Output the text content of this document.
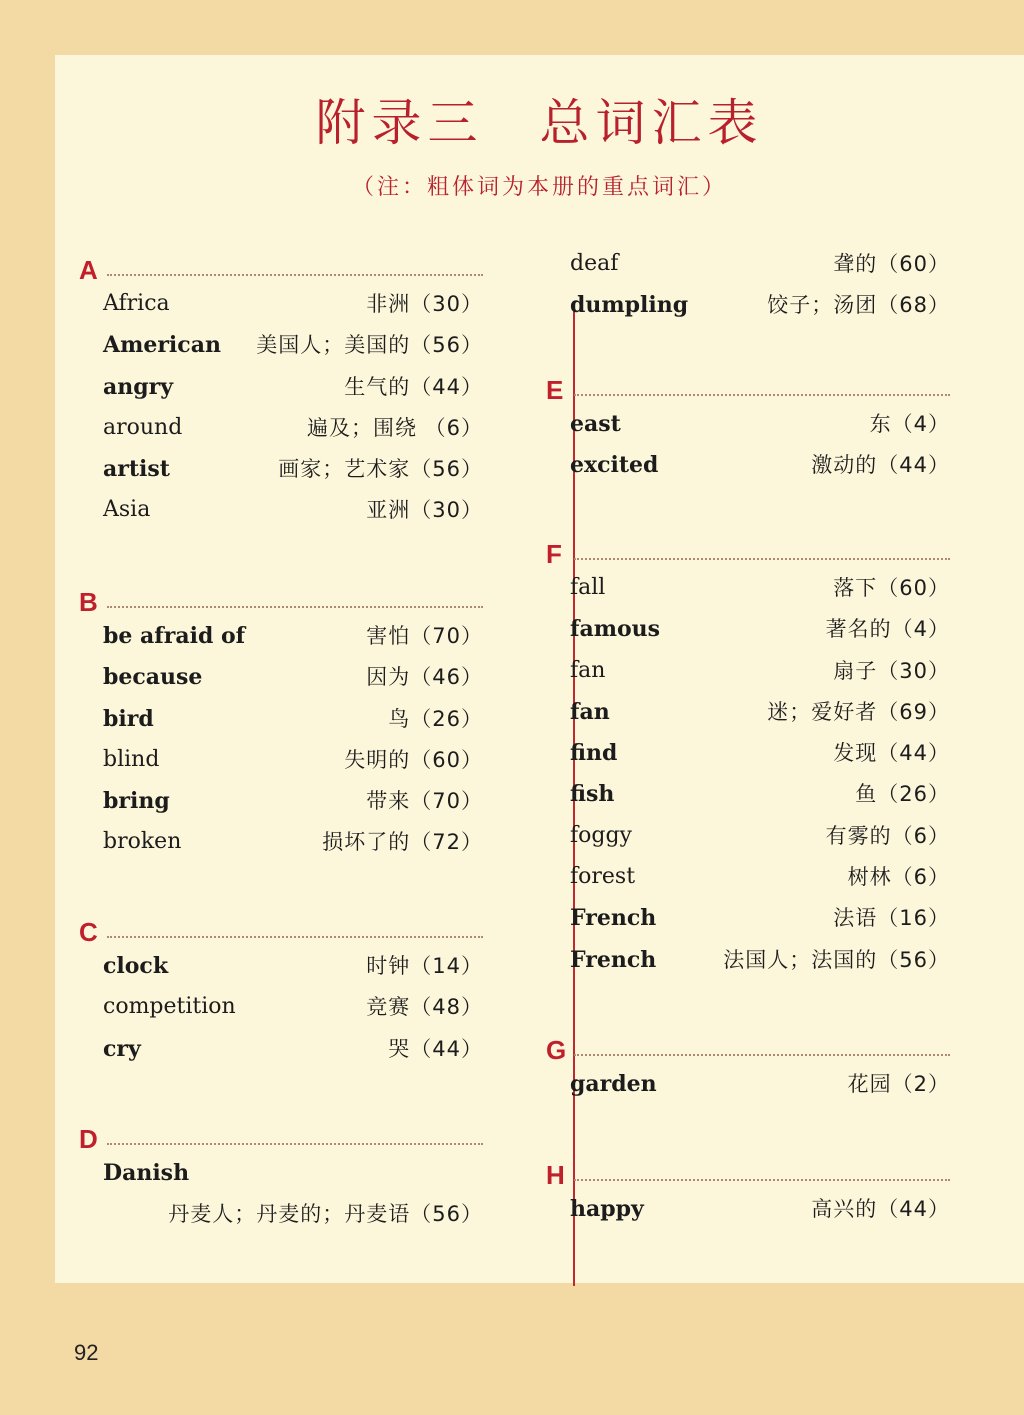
附录三　总词汇表
（注：粗体词为本册的重点词汇）
A
Africa	非洲（30）
American 美国人；美国的（56）
angry	生气的（44）
around	遍及；围绕 （6）
artist	画家；艺术家（56）
Asia	亚洲（30）
B
be afraid of	害怕（70）
because	因为（46）
bird	鸟（26）
blind	失明的（60）
bring	带来（70）
broken	损坏了的（72）
C
clock	时钟（14）
competition	竞赛（48）
cry	哭（44）
D
Danish
丹麦人；丹麦的；丹麦语（56）
deaf	聋的（60）
dumpling	饺子；汤团（68）
E
east	东（4）
excited	激动的（44）
F
fall	落下（60）
famous	著名的（4）
fan	扇子（30）
fan	迷；爱好者（69）
find	发现（44）
fish	鱼（26）
foggy	有雾的（6）
forest	树林（6）
French	法语（16）
French	法国人；法国的（56）
G
garden	花园（2）
H
happy	高兴的（44）
92
